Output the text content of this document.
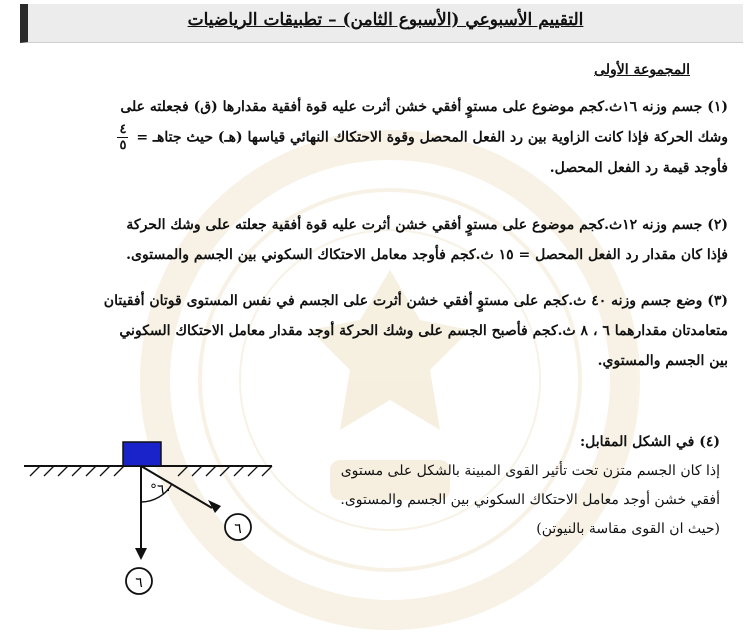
التقييم الأسبوعي (الأسبوع الثامن) – تطبيقات الرياضيات
المجموعة الأولى
(١) جسم وزنه ١٦ث.كجم موضوع على مستوٍ أفقي خشن أثرت عليه قوة أفقية مقدارها (ق) فجعلته على
وشك الحركة فإذا كانت الزاوية بين رد الفعل المحصل وقوة الاحتكاك النهائي قياسها (هـ) حيث جتاهـ =
$\frac{٤}{٥}$
فأوجد قيمة رد الفعل المحصل.
(٢) جسم وزنه ١٢ث.كجم موضوع على مستوٍ أفقي خشن أثرت عليه قوة أفقية جعلته على وشك الحركة
فإذا كان مقدار رد الفعل المحصل = ١٥ ث.كجم فأوجد معامل الاحتكاك السكوني بين الجسم والمستوى.
(٣) وضع جسم وزنه ٤٠ ث.كجم على مستوٍ أفقي خشن أثرت على الجسم في نفس المستوى قوتان أفقيتان
متعامدتان مقدارهما ٦ ، ٨ ث.كجم فأصبح الجسم على وشك الحركة أوجد مقدار معامل الاحتكاك السكوني
بين الجسم والمستوي.
(٤) في الشكل المقابل:
إذا كان الجسم متزن تحت تأثير القوى المبينة بالشكل على مستوى
أفقي خشن أوجد معامل الاحتكاك السكوني بين الجسم والمستوى.
(حيث ان القوى مقاسة بالنيوتن)
°٦٠
٦
٦
